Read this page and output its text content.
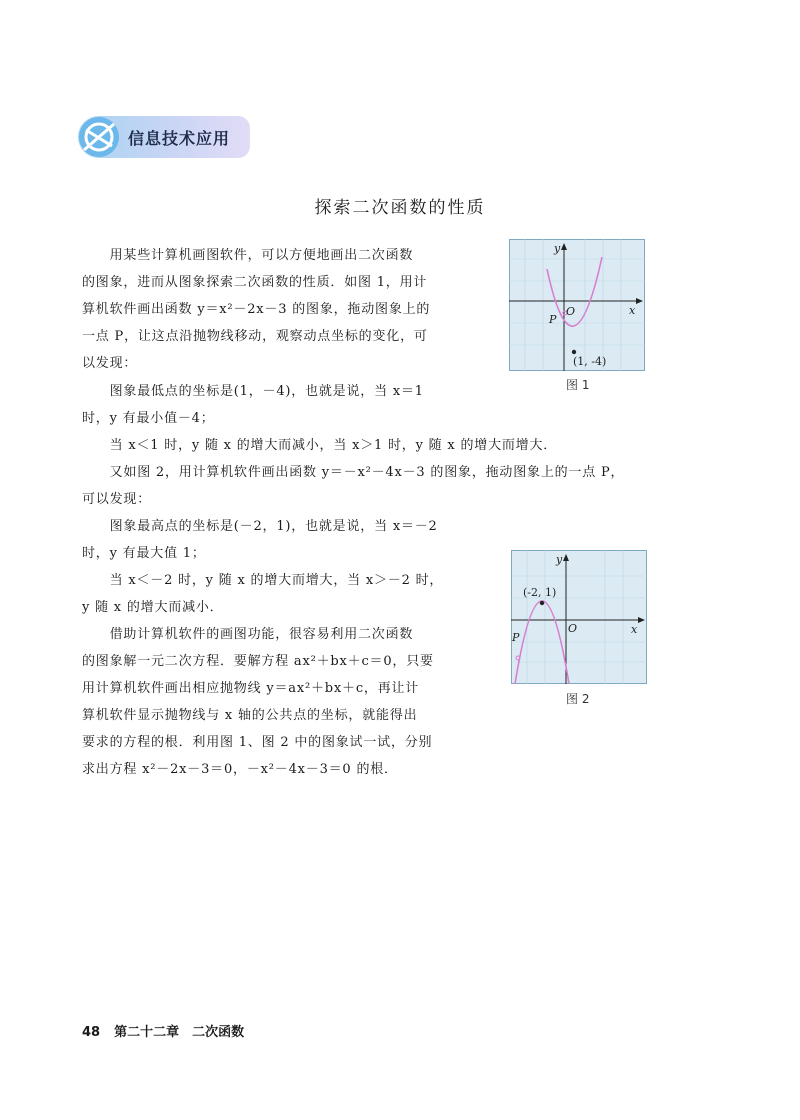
信息技术应用
探索二次函数的性质
　　用某些计算机画图软件，可以方便地画出二次函数
的图象，进而从图象探索二次函数的性质．如图 1，用计
算机软件画出函数 y＝x²－2x－3 的图象，拖动图象上的
一点 P，让这点沿抛物线移动，观察动点坐标的变化，可
以发现：
　　图象最低点的坐标是(1，－4)，也就是说，当 x＝1
时，y 有最小值－4；
　　当 x＜1 时，y 随 x 的增大而减小，当 x＞1 时，y 随 x 的增大而增大．
　　又如图 2，用计算机软件画出函数 y＝－x²－4x－3 的图象，拖动图象上的一点 P，
可以发现：
　　图象最高点的坐标是(－2，1)，也就是说，当 x＝－2
时，y 有最大值 1；
　　当 x＜－2 时，y 随 x 的增大而增大，当 x＞－2 时，
y 随 x 的增大而减小．
　　借助计算机软件的画图功能，很容易利用二次函数
的图象解一元二次方程．要解方程 ax²＋bx＋c＝0，只要
用计算机软件画出相应抛物线 y＝ax²＋bx＋c，再让计
算机软件显示抛物线与 x 轴的公共点的坐标，就能得出
要求的方程的根．利用图 1、图 2 中的图象试一试，分别
求出方程 x²－2x－3＝0，－x²－4x－3＝0 的根．
O	x
y
P
(1, -4)
图 1
O	x
y
P
(-2, 1)
图 2
48 第二十二章　二次函数
